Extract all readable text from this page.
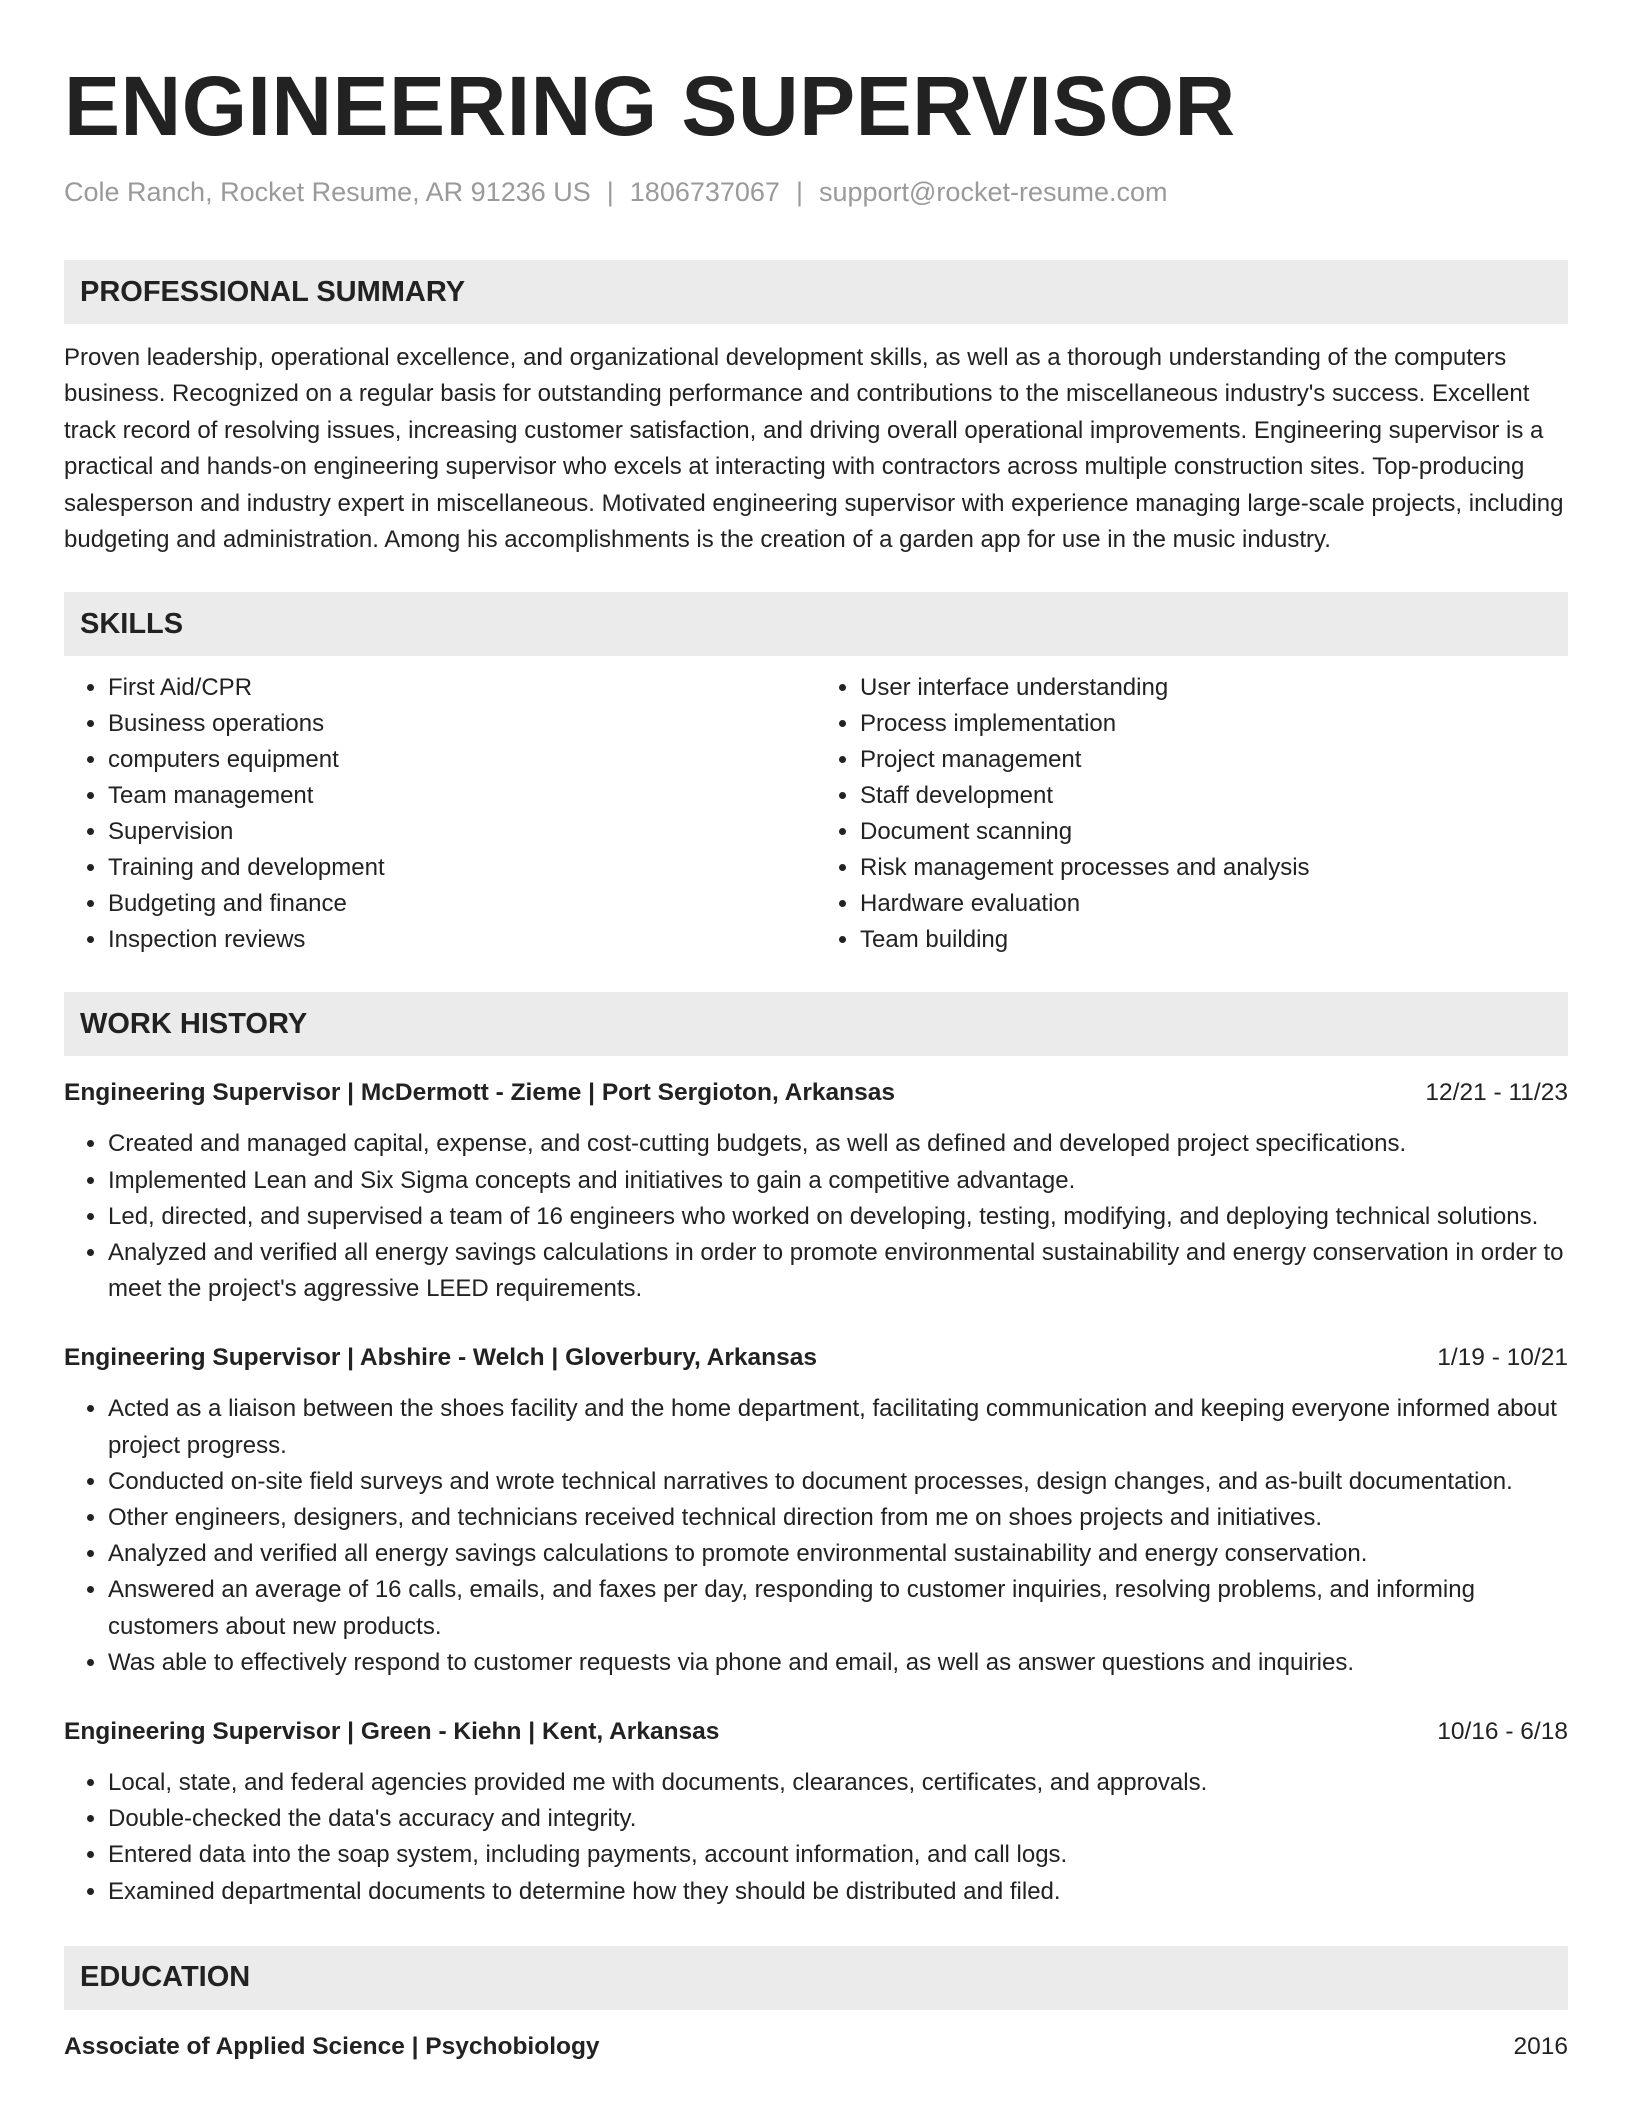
ENGINEERING SUPERVISOR
Cole Ranch, Rocket Resume, AR 91236 US | 1806737067 | support@rocket-resume.com
PROFESSIONAL SUMMARY

Proven leadership, operational excellence, and organizational development skills, as well as a thorough understanding of the computers business. Recognized on a regular basis for outstanding performance and contributions to the miscellaneous industry's success. Excellent track record of resolving issues, increasing customer satisfaction, and driving overall operational improvements. Engineering supervisor is a practical and hands-on engineering supervisor who excels at interacting with contractors across multiple construction sites. Top-producing salesperson and industry expert in miscellaneous. Motivated engineering supervisor with experience managing large-scale projects, including budgeting and administration. Among his accomplishments is the creation of a garden app for use in the music industry.

SKILLS
• First Aid/CPR
• Business operations
• computers equipment
• Team management
• Supervision
• Training and development
• Budgeting and finance
• Inspection reviews
• User interface understanding
• Process implementation
• Project management
• Staff development
• Document scanning
• Risk management processes and analysis
• Hardware evaluation
• Team building
WORK HISTORY
Engineering Supervisor | McDermott - Zieme | Port Sergioton, Arkansas	12/21 - 11/23
• Created and managed capital, expense, and cost-cutting budgets, as well as defined and developed project specifications.
• Implemented Lean and Six Sigma concepts and initiatives to gain a competitive advantage.
• Led, directed, and supervised a team of 16 engineers who worked on developing, testing, modifying, and deploying technical solutions.
• Analyzed and verified all energy savings calculations in order to promote environmental sustainability and energy conservation in order to meet the project's aggressive LEED requirements.
Engineering Supervisor | Abshire - Welch | Gloverbury, Arkansas	1/19 - 10/21
• Acted as a liaison between the shoes facility and the home department, facilitating communication and keeping everyone informed about project progress.
• Conducted on-site field surveys and wrote technical narratives to document processes, design changes, and as-built documentation.
• Other engineers, designers, and technicians received technical direction from me on shoes projects and initiatives.
• Analyzed and verified all energy savings calculations to promote environmental sustainability and energy conservation.
• Answered an average of 16 calls, emails, and faxes per day, responding to customer inquiries, resolving problems, and informing customers about new products.
• Was able to effectively respond to customer requests via phone and email, as well as answer questions and inquiries.
Engineering Supervisor | Green - Kiehn | Kent, Arkansas	10/16 - 6/18
• Local, state, and federal agencies provided me with documents, clearances, certificates, and approvals.
• Double-checked the data's accuracy and integrity.
• Entered data into the soap system, including payments, account information, and call logs.
• Examined departmental documents to determine how they should be distributed and filed.
EDUCATION
Associate of Applied Science | Psychobiology	2016
